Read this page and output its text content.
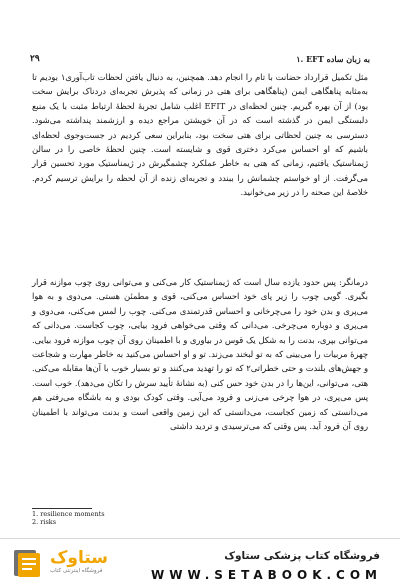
۲۹	۱. EFT به زبان ساده

مثل تکمیل قرارداد حضانت با تام را انجام دهد. همچنین، به دنبال یافتن لحظات تاب‌آوری۱ بودیم تا به‌مثابه پناهگاهی ایمن (پناهگاهی برای هتی در زمانی که پذیرش تجربه‌ای دردناک برایش سخت بود) از آن بهره گیریم. چنین لحظه‌ای در EFIT اغلب شامل تجربهٔ لحظهٔ ارتباط مثبت با یک منبع دلبستگی ایمن در گذشته است که در آن خویشتن مراجع دیده و ارزشمند پنداشته می‌شود. دسترسی به چنین لحظاتی برای هتی سخت بود، بنابراین سعی کردیم در جست‌وجوی لحظه‌ای باشیم که او احساس می‌کرد دختری قوی و شایسته است. چنین لحظهٔ خاصی را در سالن ژیمناستیک یافتیم، زمانی که هتی به خاطر عملکرد چشمگیرش در ژیمناستیک مورد تحسین قرار می‌گرفت. از او خواستم چشمانش را ببندد و تجربه‌ای زنده از آن لحظه را برایش ترسیم کردم. خلاصهٔ این صحنه را در زیر می‌خوانید.

درمانگر: پس حدود یازده سال است که ژیمناستیک کار می‌کنی و می‌توانی روی چوب موازنه قرار بگیری. گویی چوب را زیر پای خود احساس می‌کنی، قوی و مطمئن هستی. می‌دوی و به هوا می‌پری و بدن خود را می‌چرخانی و احساس قدرتمندی می‌کنی. چوب را لمس می‌کنی، می‌دوی و می‌پری و دوباره می‌چرخی. می‌دانی که وقتی می‌خواهی فرود بیایی، چوب کجاست. می‌دانی که می‌توانی بپری، بدنت را به شکل یک قوس در بیاوری و با اطمینان روی آن چوب موازنه فرود بیایی. چهرهٔ مربیات را می‌بینی که به تو لبخند می‌زند. تو و او احساس می‌کنید به خاطر مهارت و شجاعت و جهش‌های بلندت و حتی خطراتی۲ که تو را تهدید می‌کنند و تو بسیار خوب با آن‌ها مقابله می‌کنی. هتی، می‌توانی، این‌ها را در بدن خود حس کنی (به نشانهٔ تأیید سرش را تکان می‌دهد). خوب است. پس می‌پری، در هوا چرخی می‌زنی و فرود می‌آیی. وقتی کودک بودی و به باشگاه می‌رفتی هم می‌دانستی که زمین کجاست، می‌دانستی که این زمین واقعی است و بدنت می‌تواند با اطمینان روی آن فرود آید. پس وقتی که می‌ترسیدی و تردید داشتی

1. resilience moments
2. risks
ستاوک
فروشگاه اینترنتی کتاب
فروشگاه کتاب پزشکی ستاوک
WWW.SETABOOK.COM
